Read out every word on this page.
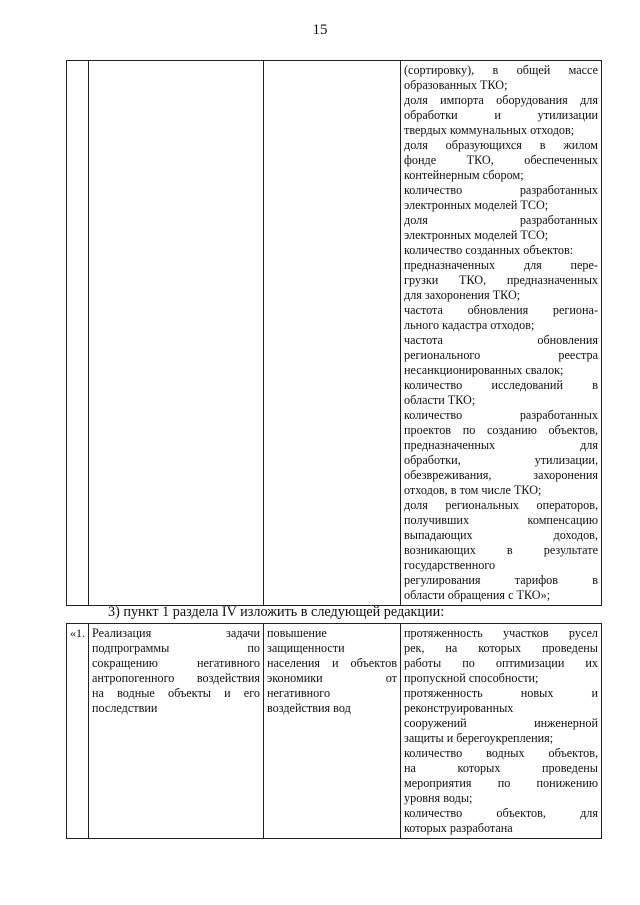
15

(сортировку), в общей массе
образованных ТКО;
доля импорта оборудования для
обработки и утилизации
твердых коммунальных отходов;
доля образующихся в жилом
фонде ТКО, обеспеченных
контейнерным сбором;
количество разработанных
электронных моделей ТСО;
доля разработанных
электронных моделей ТСО;
количество созданных объектов:
предназначенных для пере-
грузки ТКО, предназначенных
для захоронения ТКО;
частота обновления региона-
льного кадастра отходов;
частота обновления
регионального реестра
несанкционированных свалок;
количество исследований в
области ТКО;
количество разработанных
проектов по созданию объектов,
предназначенных для
обработки, утилизации,
обезвреживания, захоронения
отходов, в том числе ТКО;
доля региональных операторов,
получивших компенсацию
выпадающих доходов,
возникающих в результате
государственного
регулирования тарифов в
области обращения с ТКО»;
3) пункт 1 раздела IV изложить в следующей редакции:
«1.	Реализация задачи
подпрограммы по
сокращению негативного
антропогенного воздействия
на водные объекты и его
последствии

повышение
защищенности
населения и объектов
экономики от
негативного
воздействия вод

протяженность участков русел
рек, на которых проведены
работы по оптимизации их
пропускной способности;
протяженность новых и
реконструированных
сооружений инженерной
защиты и берегоукрепления;
количество водных объектов,
на которых проведены
мероприятия по понижению
уровня воды;
количество объектов, для
которых разработана
